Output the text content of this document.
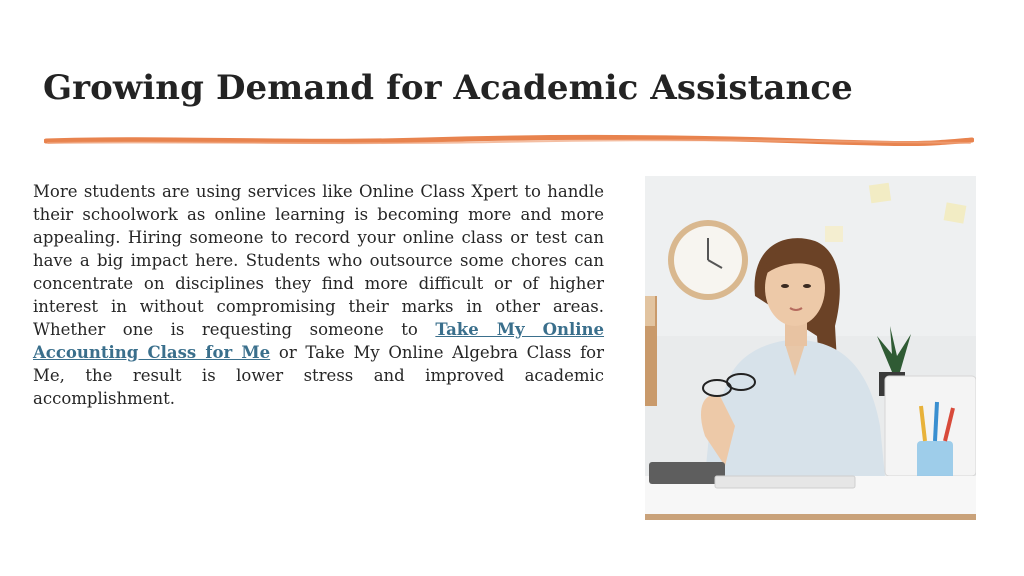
Growing Demand for Academic Assistance

More students are using services like Online Class Xpert to handle their schoolwork as online learning is becoming more and more appealing. Hiring someone to record your online class or test can have a big impact here. Students who outsource some chores can concentrate on disciplines they find more difficult or of higher interest in without compromising their marks in other areas. Whether one is requesting someone to Take My Online Accounting Class for Me or Take My Online Algebra Class for Me, the result is lower stress and improved academic accomplishment.
